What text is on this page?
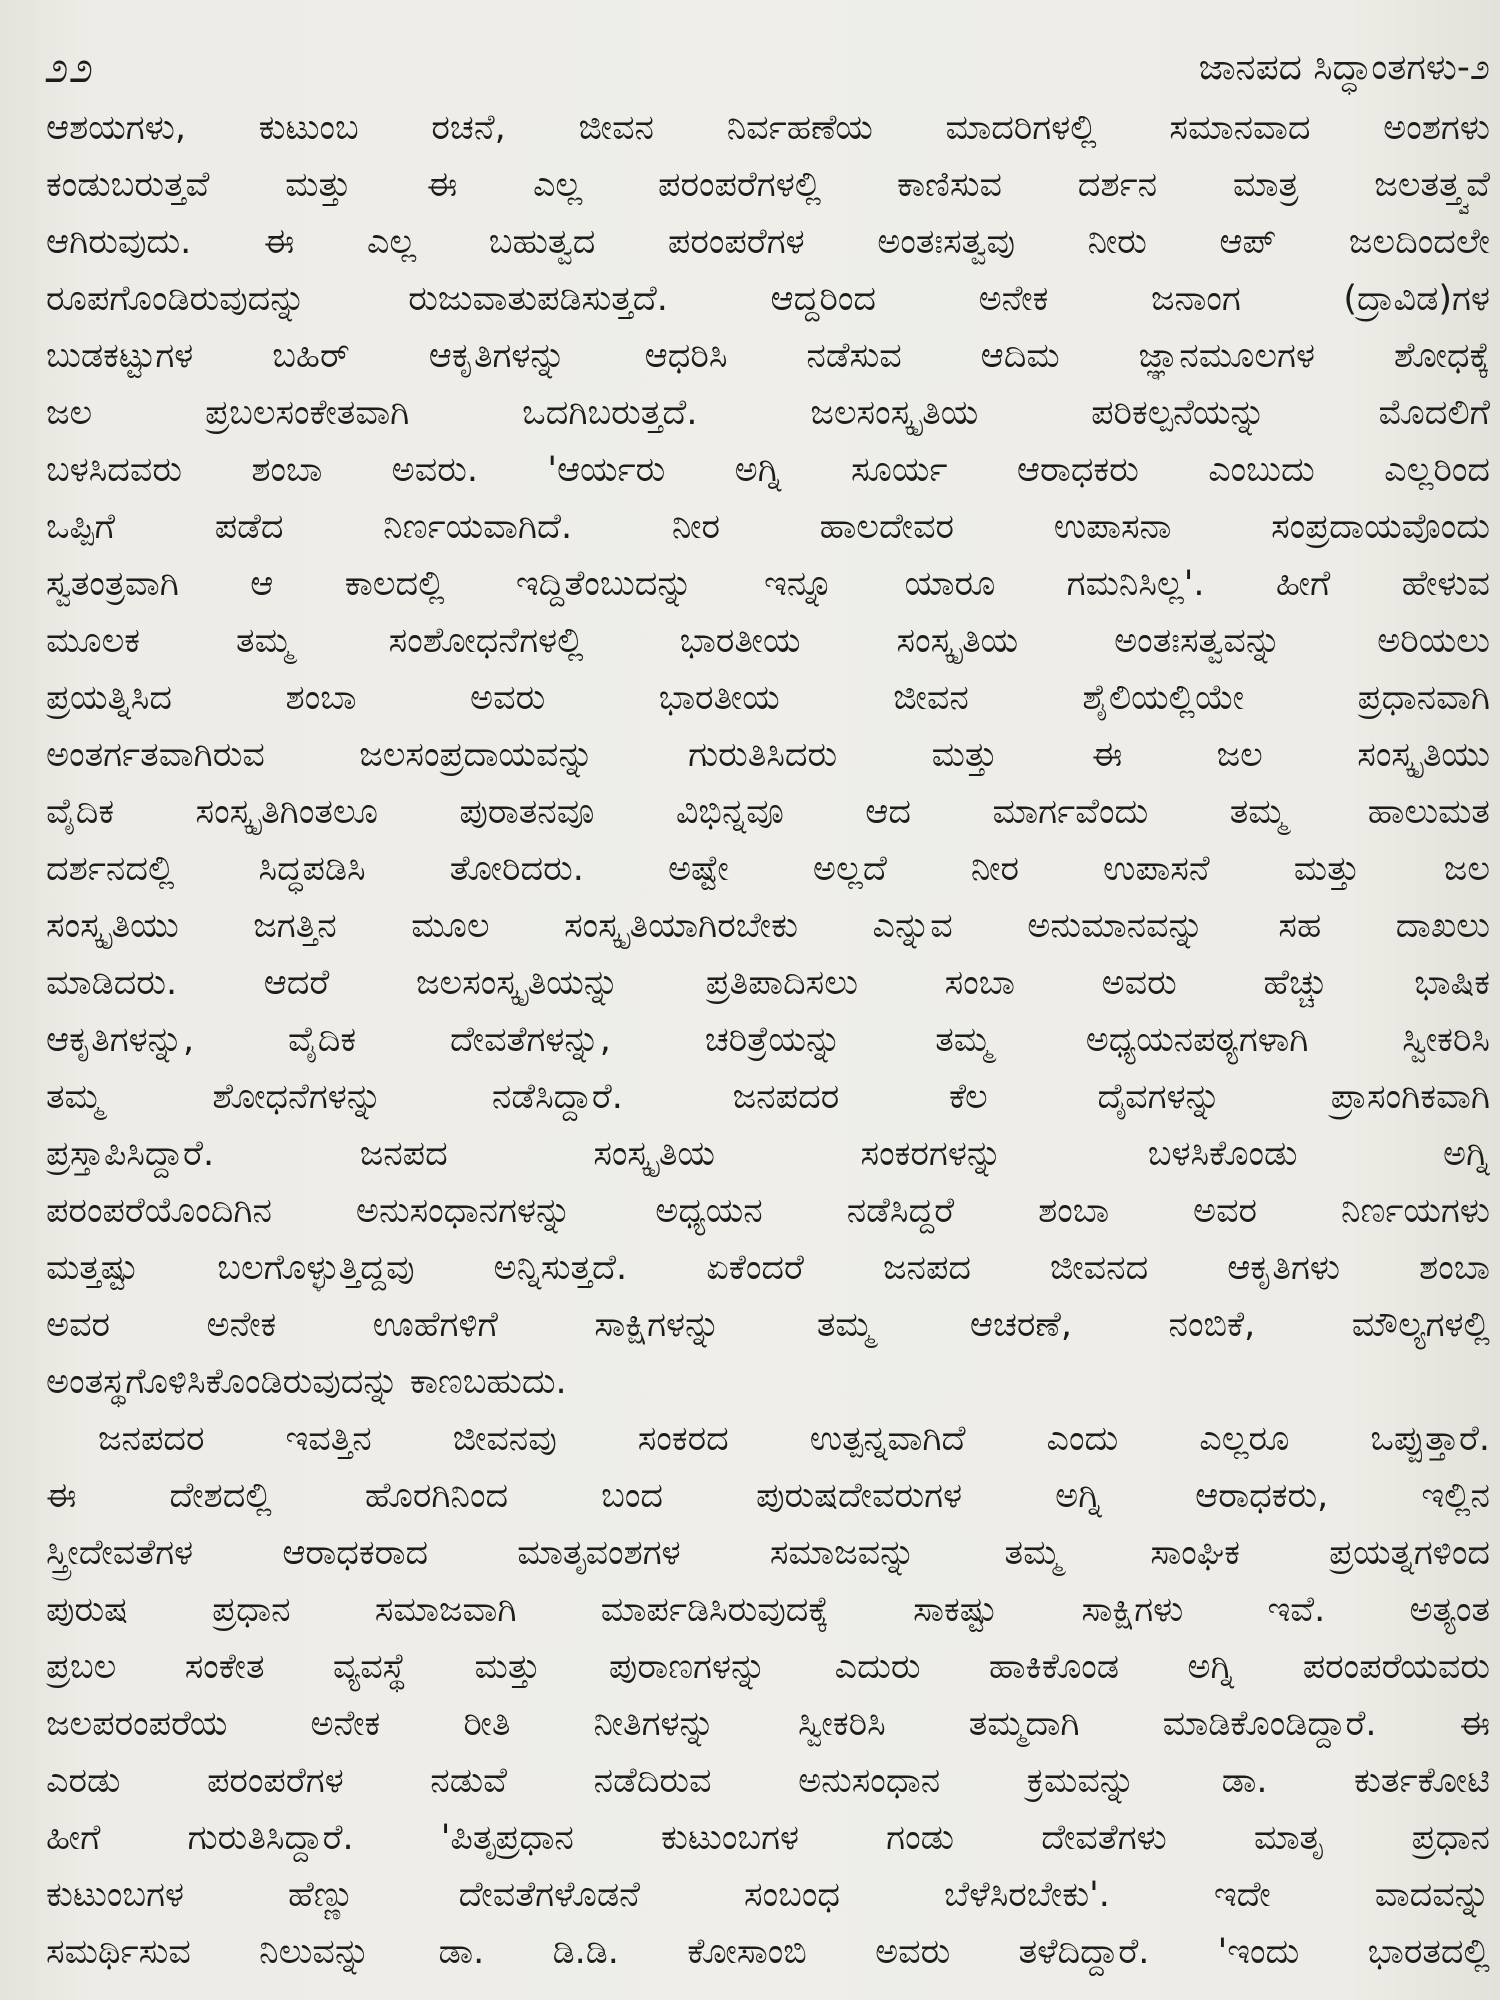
೨೨	ಜಾನಪದ ಸಿದ್ಧಾಂತಗಳು-೨
ಆಶಯಗಳು, ಕುಟುಂಬ ರಚನೆ, ಜೀವನ ನಿರ್ವಹಣೆಯ ಮಾದರಿಗಳಲ್ಲಿ ಸಮಾನವಾದ ಅಂಶಗಳು
ಕಂಡುಬರುತ್ತವೆ ಮತ್ತು ಈ ಎಲ್ಲ ಪರಂಪರೆಗಳಲ್ಲಿ ಕಾಣಿಸುವ ದರ್ಶನ ಮಾತ್ರ ಜಲತತ್ತ್ವವೆ
ಆಗಿರುವುದು. ಈ ಎಲ್ಲ ಬಹುತ್ವದ ಪರಂಪರೆಗಳ ಅಂತಃಸತ್ವವು ನೀರು ಆಪ್ ಜಲದಿಂದಲೇ
ರೂಪಗೊಂಡಿರುವುದನ್ನು ರುಜುವಾತುಪಡಿಸುತ್ತದೆ. ಆದ್ದರಿಂದ ಅನೇಕ ಜನಾಂಗ (ದ್ರಾವಿಡ)ಗಳ
ಬುಡಕಟ್ಟುಗಳ ಬಹಿರ್ ಆಕೃತಿಗಳನ್ನು ಆಧರಿಸಿ ನಡೆಸುವ ಆದಿಮ ಜ್ಞಾನಮೂಲಗಳ ಶೋಧಕ್ಕೆ
ಜಲ ಪ್ರಬಲಸಂಕೇತವಾಗಿ ಒದಗಿಬರುತ್ತದೆ. ಜಲಸಂಸ್ಕೃತಿಯ ಪರಿಕಲ್ಪನೆಯನ್ನು ಮೊದಲಿಗೆ
ಬಳಸಿದವರು ಶಂಬಾ ಅವರು. 'ಆರ್ಯರು ಅಗ್ನಿ ಸೂರ್ಯ ಆರಾಧಕರು ಎಂಬುದು ಎಲ್ಲರಿಂದ
ಒಪ್ಪಿಗೆ ಪಡೆದ ನಿರ್ಣಯವಾಗಿದೆ. ನೀರ ಹಾಲದೇವರ ಉಪಾಸನಾ ಸಂಪ್ರದಾಯವೊಂದು
ಸ್ವತಂತ್ರವಾಗಿ ಆ ಕಾಲದಲ್ಲಿ ಇದ್ದಿತೆಂಬುದನ್ನು ಇನ್ನೂ ಯಾರೂ ಗಮನಿಸಿಲ್ಲ'. ಹೀಗೆ ಹೇಳುವ
ಮೂಲಕ ತಮ್ಮ ಸಂಶೋಧನೆಗಳಲ್ಲಿ ಭಾರತೀಯ ಸಂಸ್ಕೃತಿಯ ಅಂತಃಸತ್ವವನ್ನು ಅರಿಯಲು
ಪ್ರಯತ್ನಿಸಿದ ಶಂಬಾ ಅವರು ಭಾರತೀಯ ಜೀವನ ಶೈಲಿಯಲ್ಲಿಯೇ ಪ್ರಧಾನವಾಗಿ
ಅಂತರ್ಗತವಾಗಿರುವ ಜಲಸಂಪ್ರದಾಯವನ್ನು ಗುರುತಿಸಿದರು ಮತ್ತು ಈ ಜಲ ಸಂಸ್ಕೃತಿಯು
ವೈದಿಕ ಸಂಸ್ಕೃತಿಗಿಂತಲೂ ಪುರಾತನವೂ ವಿಭಿನ್ನವೂ ಆದ ಮಾರ್ಗವೆಂದು ತಮ್ಮ ಹಾಲುಮತ
ದರ್ಶನದಲ್ಲಿ ಸಿದ್ಧಪಡಿಸಿ ತೋರಿದರು. ಅಷ್ಟೇ ಅಲ್ಲದೆ ನೀರ ಉಪಾಸನೆ ಮತ್ತು ಜಲ
ಸಂಸ್ಕೃತಿಯು ಜಗತ್ತಿನ ಮೂಲ ಸಂಸ್ಕೃತಿಯಾಗಿರಬೇಕು ಎನ್ನುವ ಅನುಮಾನವನ್ನು ಸಹ ದಾಖಲು
ಮಾಡಿದರು. ಆದರೆ ಜಲಸಂಸ್ಕೃತಿಯನ್ನು ಪ್ರತಿಪಾದಿಸಲು ಸಂಬಾ ಅವರು ಹೆಚ್ಚು ಭಾಷಿಕ
ಆಕೃತಿಗಳನ್ನು, ವೈದಿಕ ದೇವತೆಗಳನ್ನು, ಚರಿತ್ರೆಯನ್ನು ತಮ್ಮ ಅಧ್ಯಯನಪಠ್ಯಗಳಾಗಿ ಸ್ವೀಕರಿಸಿ
ತಮ್ಮ ಶೋಧನೆಗಳನ್ನು ನಡೆಸಿದ್ದಾರೆ. ಜನಪದರ ಕೆಲ ದೈವಗಳನ್ನು ಪ್ರಾಸಂಗಿಕವಾಗಿ
ಪ್ರಸ್ತಾಪಿಸಿದ್ದಾರೆ. ಜನಪದ ಸಂಸ್ಕೃತಿಯ ಸಂಕರಗಳನ್ನು ಬಳಸಿಕೊಂಡು ಅಗ್ನಿ
ಪರಂಪರೆಯೊಂದಿಗಿನ ಅನುಸಂಧಾನಗಳನ್ನು ಅಧ್ಯಯನ ನಡೆಸಿದ್ದರೆ ಶಂಬಾ ಅವರ ನಿರ್ಣಯಗಳು
ಮತ್ತಷ್ಟು ಬಲಗೊಳ್ಳುತ್ತಿದ್ದವು ಅನ್ನಿಸುತ್ತದೆ. ಏಕೆಂದರೆ ಜನಪದ ಜೀವನದ ಆಕೃತಿಗಳು ಶಂಬಾ
ಅವರ ಅನೇಕ ಊಹೆಗಳಿಗೆ ಸಾಕ್ಷಿಗಳನ್ನು ತಮ್ಮ ಆಚರಣೆ, ನಂಬಿಕೆ, ಮೌಲ್ಯಗಳಲ್ಲಿ
ಅಂತಸ್ಥಗೊಳಿಸಿಕೊಂಡಿರುವುದನ್ನು ಕಾಣಬಹುದು.
ಜನಪದರ ಇವತ್ತಿನ ಜೀವನವು ಸಂಕರದ ಉತ್ಪನ್ನವಾಗಿದೆ ಎಂದು ಎಲ್ಲರೂ ಒಪ್ಪುತ್ತಾರೆ.
ಈ ದೇಶದಲ್ಲಿ ಹೊರಗಿನಿಂದ ಬಂದ ಪುರುಷದೇವರುಗಳ ಅಗ್ನಿ ಆರಾಧಕರು, ಇಲ್ಲಿನ
ಸ್ತ್ರೀದೇವತೆಗಳ ಆರಾಧಕರಾದ ಮಾತೃವಂಶಗಳ ಸಮಾಜವನ್ನು ತಮ್ಮ ಸಾಂಘಿಕ ಪ್ರಯತ್ನಗಳಿಂದ
ಪುರುಷ ಪ್ರಧಾನ ಸಮಾಜವಾಗಿ ಮಾರ್ಪಡಿಸಿರುವುದಕ್ಕೆ ಸಾಕಷ್ಟು ಸಾಕ್ಷಿಗಳು ಇವೆ. ಅತ್ಯಂತ
ಪ್ರಬಲ ಸಂಕೇತ ವ್ಯವಸ್ಥೆ ಮತ್ತು ಪುರಾಣಗಳನ್ನು ಎದುರು ಹಾಕಿಕೊಂಡ ಅಗ್ನಿ ಪರಂಪರೆಯವರು
ಜಲಪರಂಪರೆಯ ಅನೇಕ ರೀತಿ ನೀತಿಗಳನ್ನು ಸ್ವೀಕರಿಸಿ ತಮ್ಮದಾಗಿ ಮಾಡಿಕೊಂಡಿದ್ದಾರೆ. ಈ
ಎರಡು ಪರಂಪರೆಗಳ ನಡುವೆ ನಡೆದಿರುವ ಅನುಸಂಧಾನ ಕ್ರಮವನ್ನು ಡಾ. ಕುರ್ತಕೋಟಿ
ಹೀಗೆ ಗುರುತಿಸಿದ್ದಾರೆ. 'ಪಿತೃಪ್ರಧಾನ ಕುಟುಂಬಗಳ ಗಂಡು ದೇವತೆಗಳು ಮಾತೃ ಪ್ರಧಾನ
ಕುಟುಂಬಗಳ ಹೆಣ್ಣು ದೇವತೆಗಳೊಡನೆ ಸಂಬಂಧ ಬೆಳೆಸಿರಬೇಕು'. ಇದೇ ವಾದವನ್ನು
ಸಮರ್ಥಿಸುವ ನಿಲುವನ್ನು ಡಾ. ಡಿ.ಡಿ. ಕೋಸಾಂಬಿ ಅವರು ತಳೆದಿದ್ದಾರೆ. 'ಇಂದು ಭಾರತದಲ್ಲಿ
